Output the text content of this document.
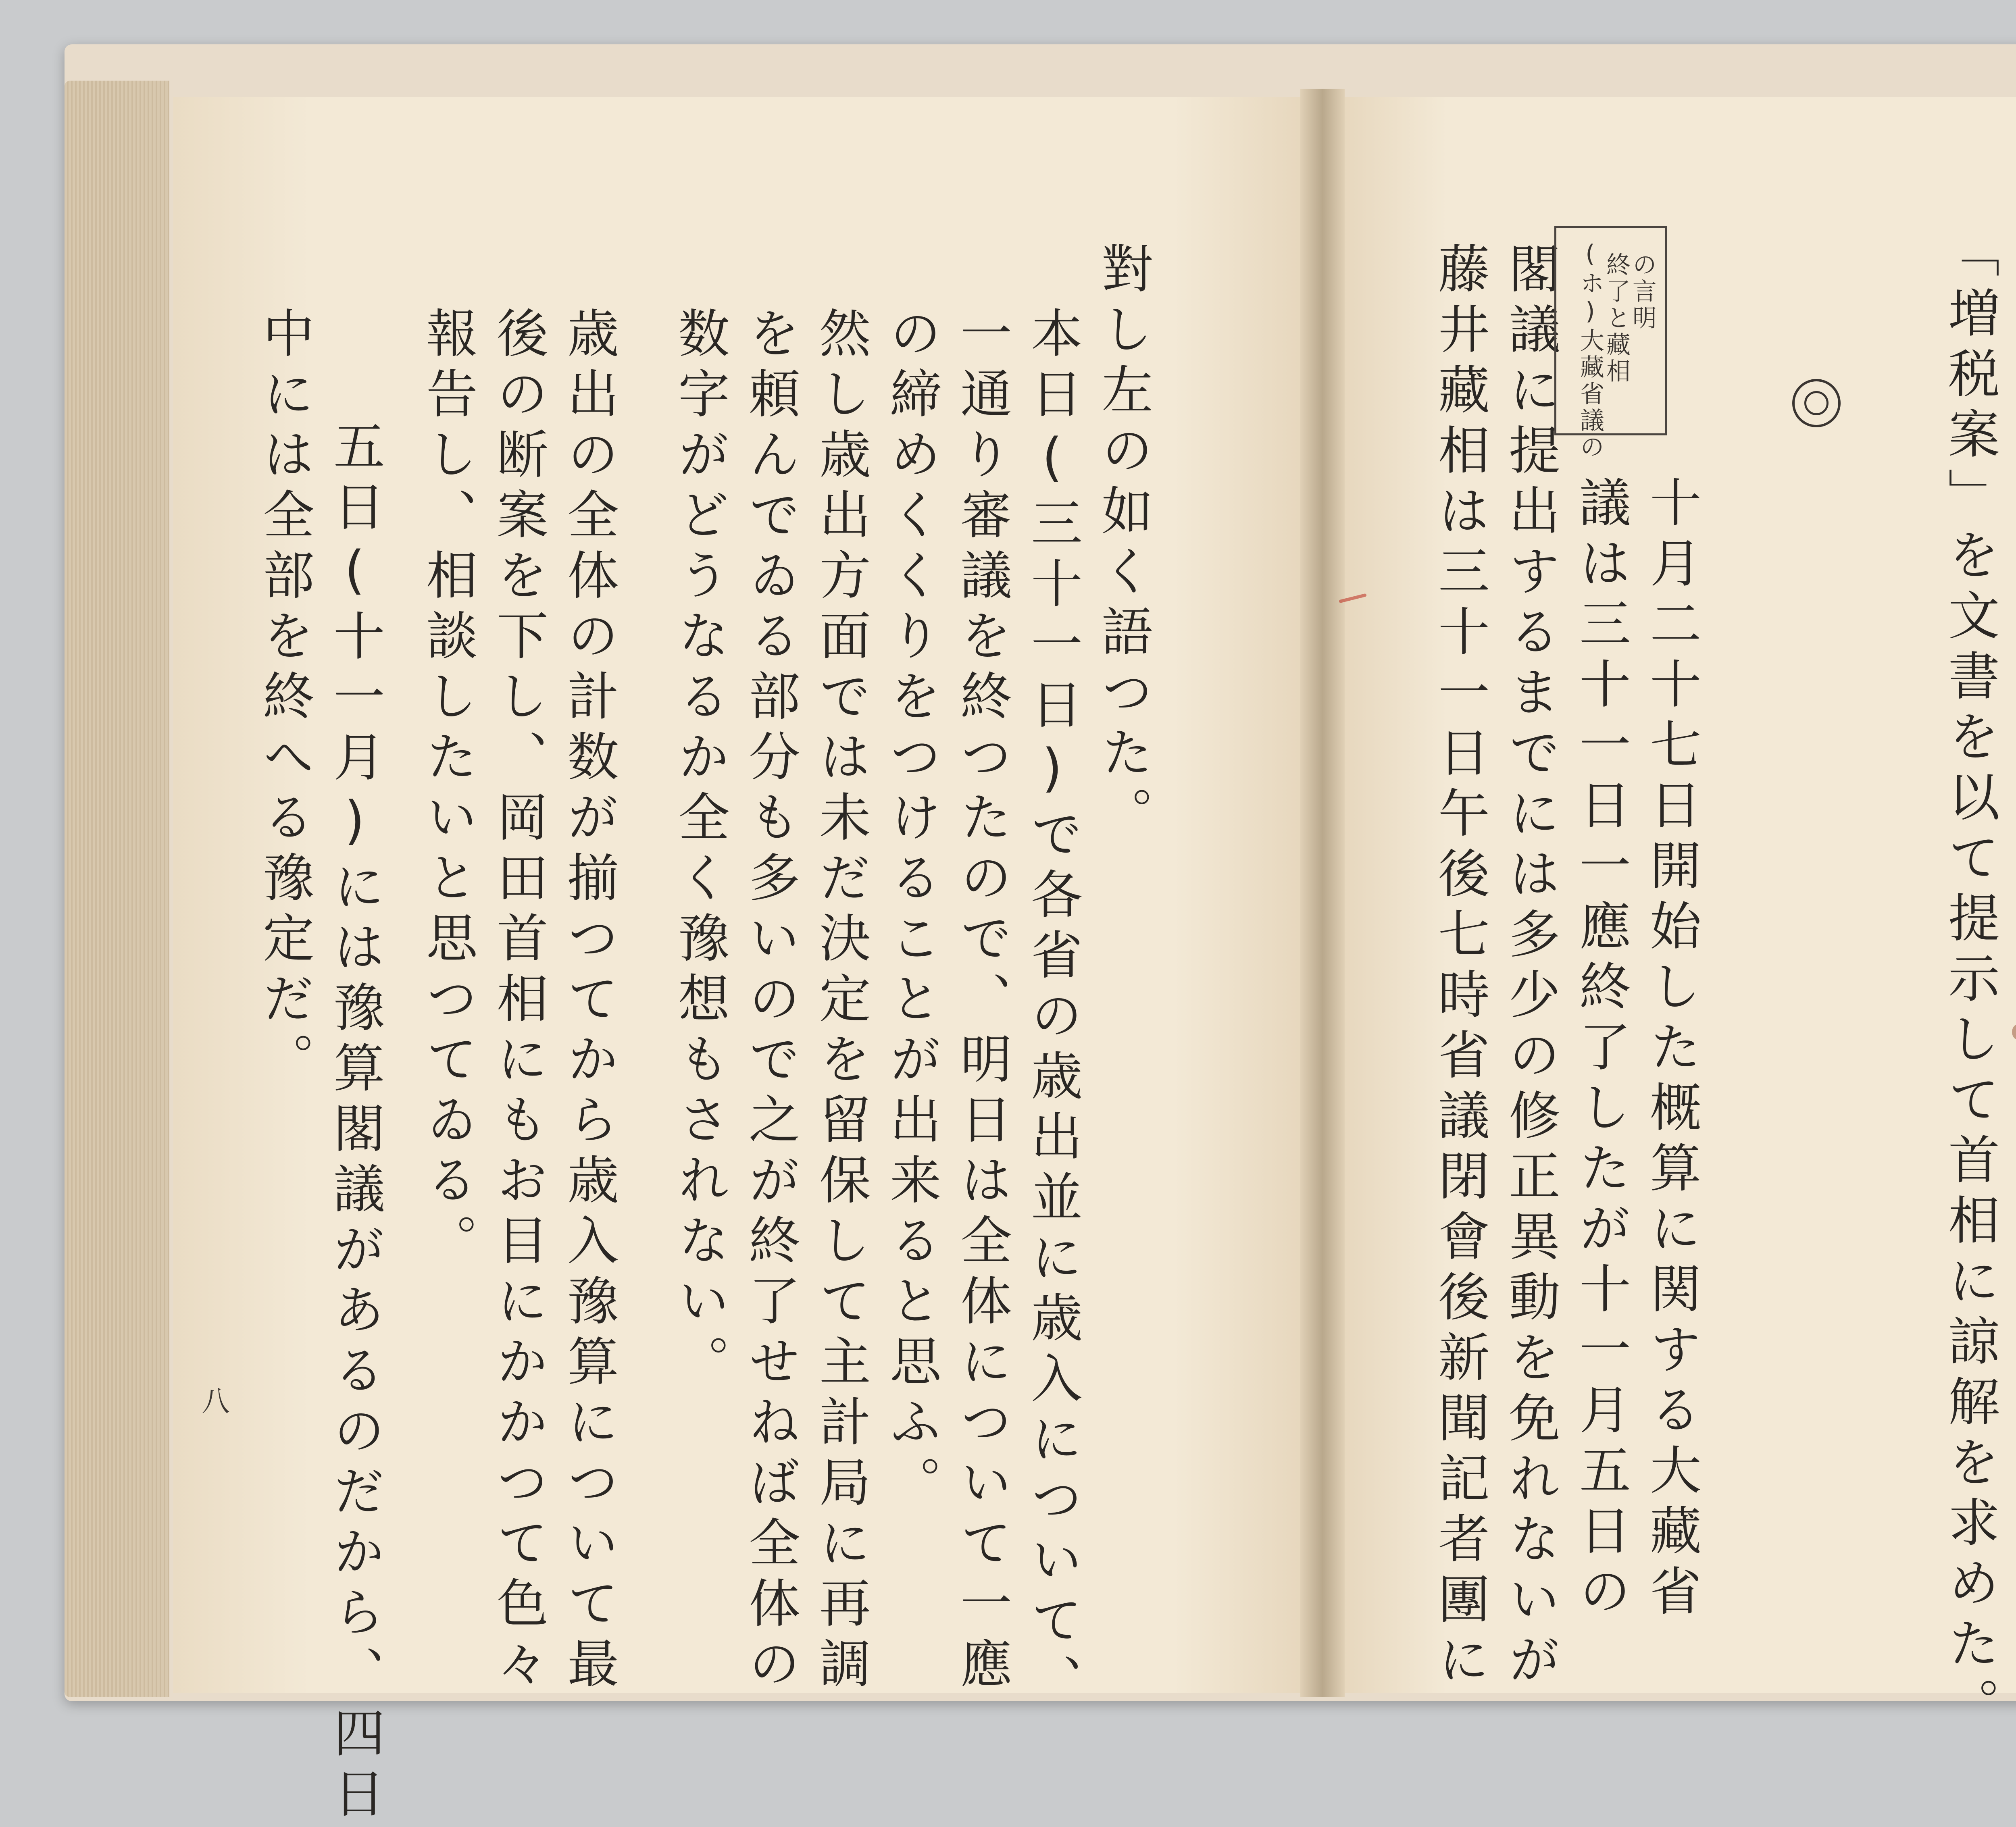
對し左の如く語つた。
本日(三十一日)で各省の歳出並に歳入について、
一通り審議を終つたので、明日は全体について一應
の締めくくりをつけることが出来ると思ふ。
然し歳出方面では未だ決定を留保して主計局に再調
を頼んでゐる部分も多いので之が終了せねば全体の
数字がどうなるか全く豫想もされない。
歳出の全体の計数が揃つてから歳入豫算について最
後の断案を下し、岡田首相にもお目にかかつて色々
報告し、相談したいと思つてゐる。
五日(十一月)には豫算閣議があるのだから、四日
中には全部を終へる豫定だ。
八	「増税案」を文書を以て提示して首相に諒解を求めた。
十月二十七日開始した概算に関する大藏省
議は三十一日一應終了したが十一月五日の
閣議に提出するまでには多少の修正異動を免れないが
藤井藏相は三十一日午後七時省議閉會後新聞記者團に	(ホ)大藏省議の
終了と藏相
の言明
